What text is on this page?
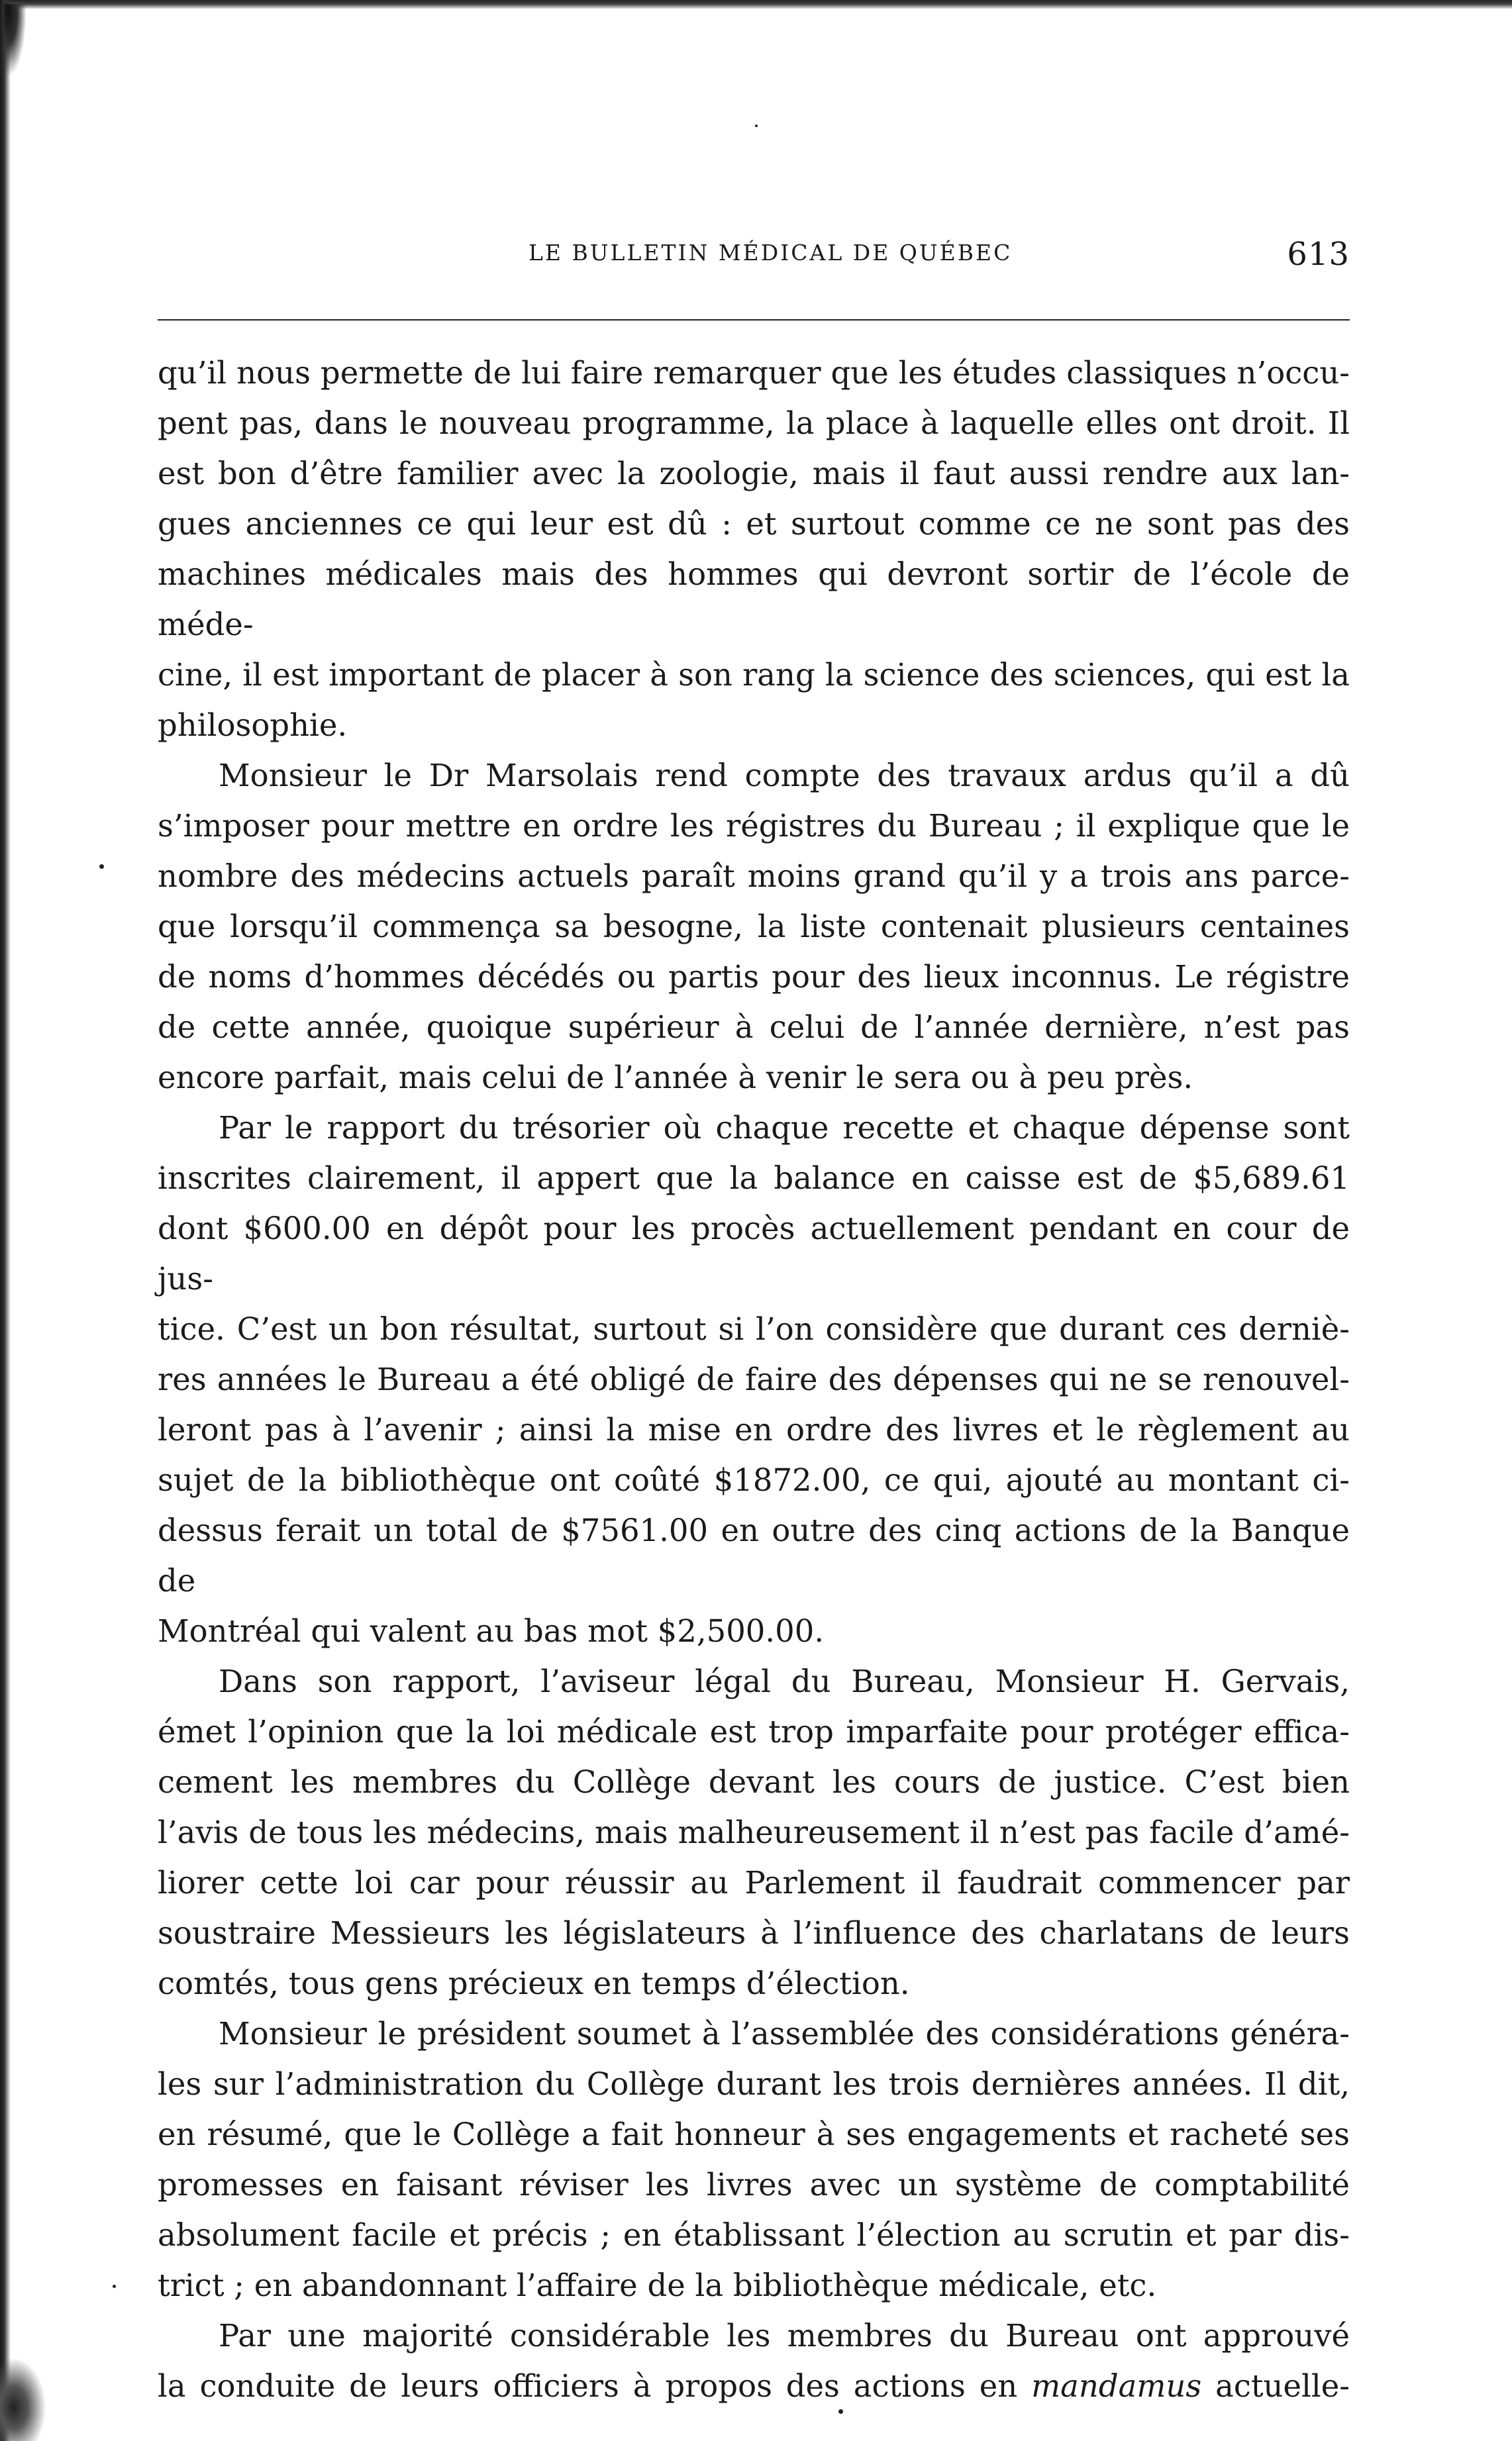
LE BULLETIN MÉDICAL DE QUÉBEC	613

qu’il nous permette de lui faire remarquer que les études classiques n’occu-
pent pas, dans le nouveau programme, la place à laquelle elles ont droit. Il
est bon d’être familier avec la zoologie, mais il faut aussi rendre aux lan-
gues anciennes ce qui leur est dû : et surtout comme ce ne sont pas des
machines médicales mais des hommes qui devront sortir de l’école de méde-
cine, il est important de placer à son rang la science des sciences, qui est la
philosophie.

Monsieur le Dr Marsolais rend compte des travaux ardus qu’il a dû
s’imposer pour mettre en ordre les régistres du Bureau ; il explique que le
nombre des médecins actuels paraît moins grand qu’il y a trois ans parce-
que lorsqu’il commença sa besogne, la liste contenait plusieurs centaines
de noms d’hommes décédés ou partis pour des lieux inconnus. Le régistre
de cette année, quoique supérieur à celui de l’année dernière, n’est pas
encore parfait, mais celui de l’année à venir le sera ou à peu près.

Par le rapport du trésorier où chaque recette et chaque dépense sont
inscrites clairement, il appert que la balance en caisse est de $5,689.61
dont $600.00 en dépôt pour les procès actuellement pendant en cour de jus-
tice. C’est un bon résultat, surtout si l’on considère que durant ces derniè-
res années le Bureau a été obligé de faire des dépenses qui ne se renouvel-
leront pas à l’avenir ; ainsi la mise en ordre des livres et le règlement au
sujet de la bibliothèque ont coûté $1872.00, ce qui, ajouté au montant ci-
dessus ferait un total de $7561.00 en outre des cinq actions de la Banque de
Montréal qui valent au bas mot $2,500.00.

Dans son rapport, l’aviseur légal du Bureau, Monsieur H. Gervais,
émet l’opinion que la loi médicale est trop imparfaite pour protéger effica-
cement les membres du Collège devant les cours de justice. C’est bien
l’avis de tous les médecins, mais malheureusement il n’est pas facile d’amé-
liorer cette loi car pour réussir au Parlement il faudrait commencer par
soustraire Messieurs les législateurs à l’influence des charlatans de leurs
comtés, tous gens précieux en temps d’élection.

Monsieur le président soumet à l’assemblée des considérations généra-
les sur l’administration du Collège durant les trois dernières années. Il dit,
en résumé, que le Collège a fait honneur à ses engagements et racheté ses
promesses en faisant réviser les livres avec un système de comptabilité
absolument facile et précis ; en établissant l’élection au scrutin et par dis-
trict ; en abandonnant l’affaire de la bibliothèque médicale, etc.

Par une majorité considérable les membres du Bureau ont approuvé
la conduite de leurs officiers à propos des actions en mandamus actuelle-
